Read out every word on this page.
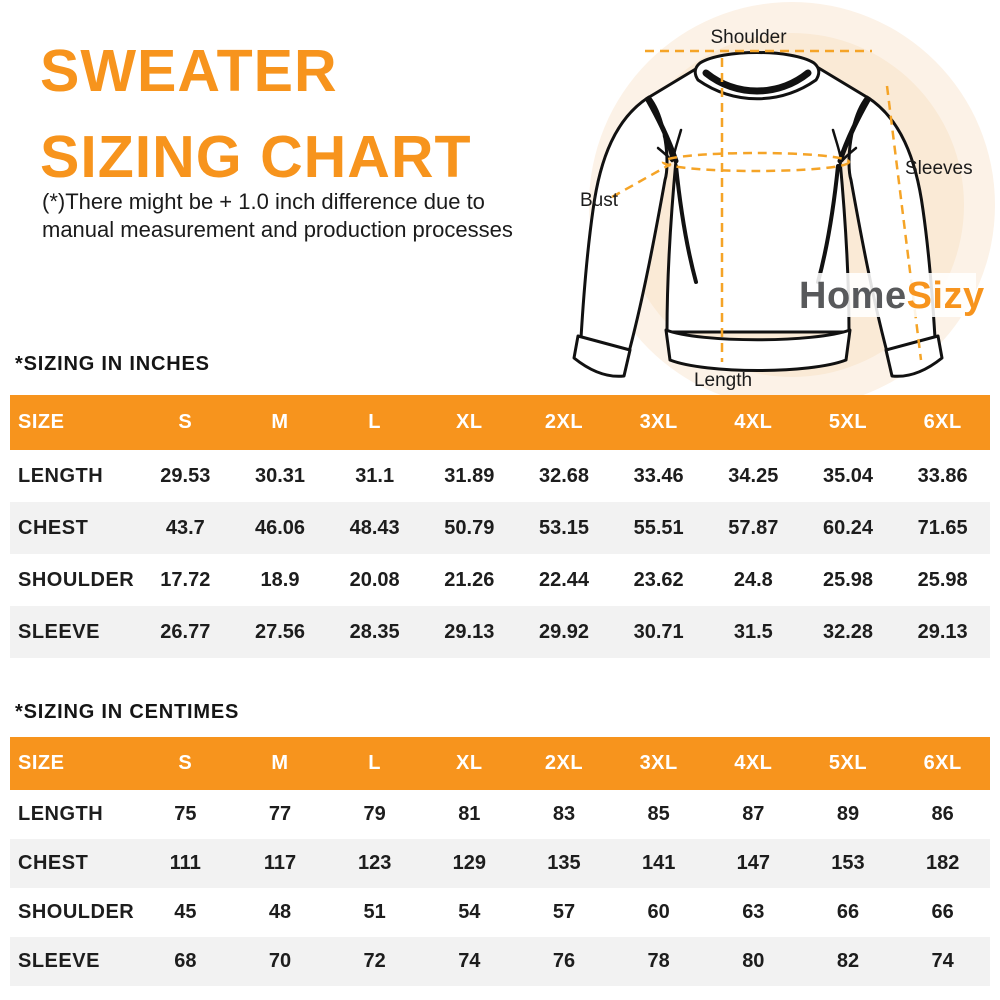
SWEATER
SIZING CHART
(*)There might be + 1.0 inch difference due to
manual measurement and production processes
Shoulder
Sleeves
Bust
Length
HomeSizy
*SIZING IN INCHES
SIZE	S	M	L	XL	2XL	3XL	4XL	5XL	6XL
LENGTH	29.53	30.31	31.1	31.89	32.68	33.46	34.25	35.04	33.86
CHEST	43.7	46.06	48.43	50.79	53.15	55.51	57.87	60.24	71.65
SHOULDER	17.72	18.9	20.08	21.26	22.44	23.62	24.8	25.98	25.98
SLEEVE	26.77	27.56	28.35	29.13	29.92	30.71	31.5	32.28	29.13
*SIZING IN CENTIMES
SIZE	S	M	L	XL	2XL	3XL	4XL	5XL	6XL
LENGTH	75	77	79	81	83	85	87	89	86
CHEST	111	117	123	129	135	141	147	153	182
SHOULDER	45	48	51	54	57	60	63	66	66
SLEEVE	68	70	72	74	76	78	80	82	74
